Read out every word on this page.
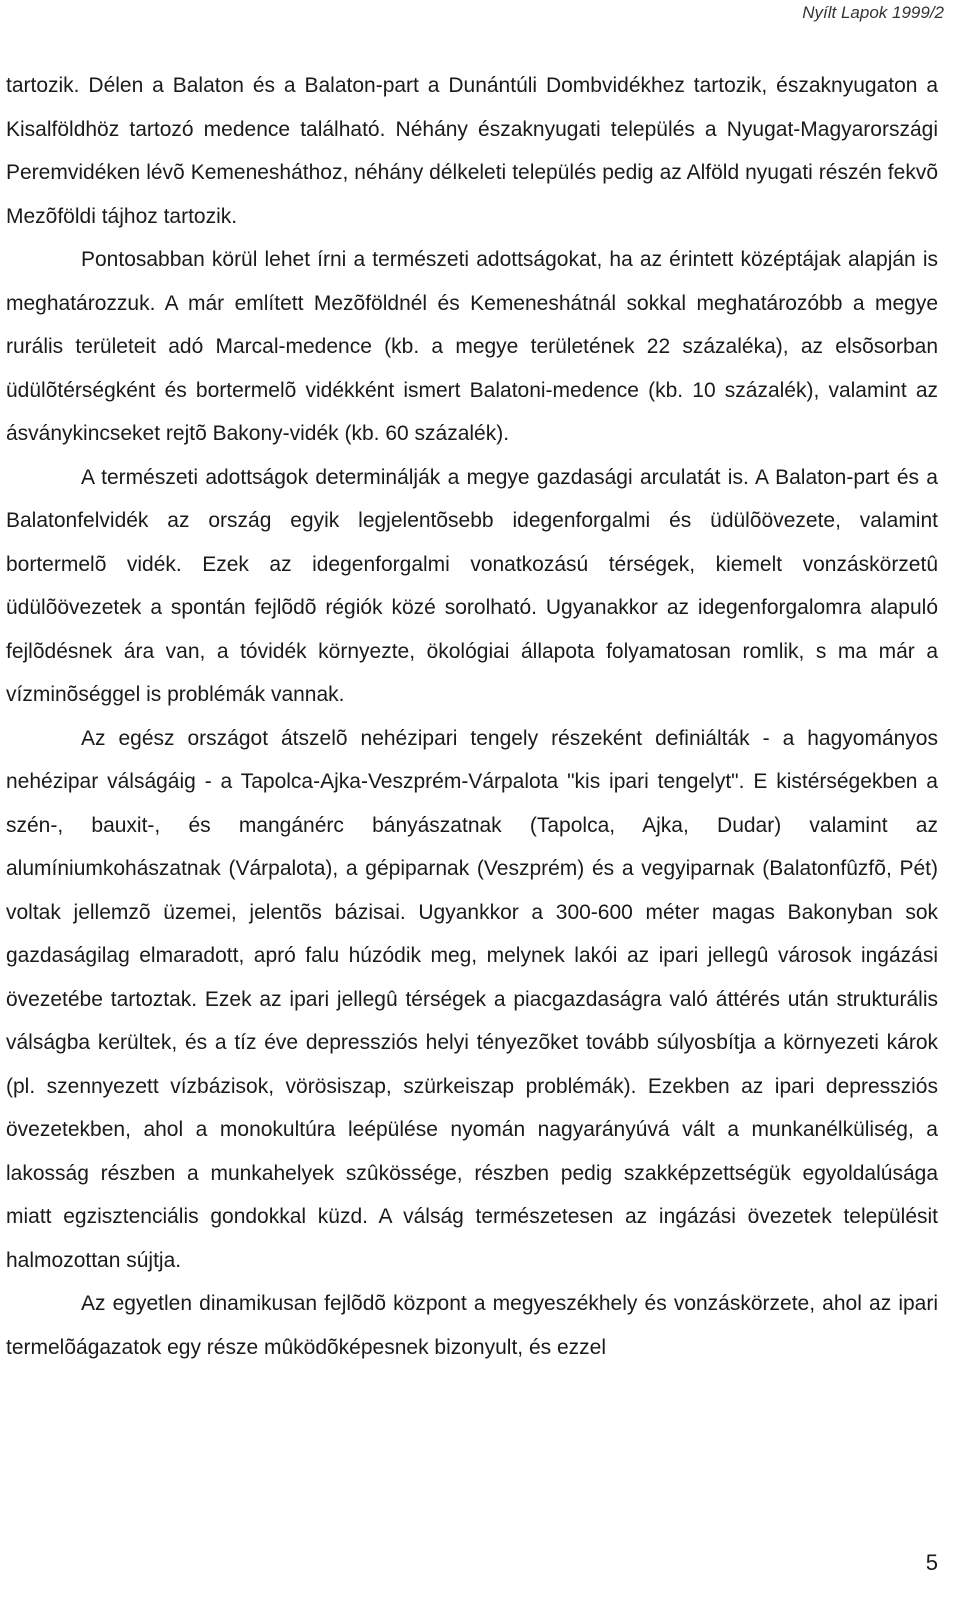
Nyílt Lapok 1999/2

tartozik. Délen a Balaton és a Balaton-part a Dunántúli Dombvidékhez tartozik, északnyugaton a Kisalföldhöz tartozó medence található. Néhány északnyugati település a Nyugat-Magyarországi Peremvidéken lévõ Kemenesháthoz, néhány délkeleti település pedig az Alföld nyugati részén fekvõ Mezõföldi tájhoz tartozik.

Pontosabban körül lehet írni a természeti adottságokat, ha az érintett középtájak alapján is meghatározzuk. A már említett Mezõföldnél és Kemeneshátnál sokkal meghatározóbb a megye rurális területeit adó Marcal-medence (kb. a megye területének 22 százaléka), az elsõsorban üdülõtérségként és bortermelõ vidékként ismert Balatoni-medence (kb. 10 százalék), valamint az ásványkincseket rejtõ Bakony-vidék (kb. 60 százalék).

A természeti adottságok determinálják a megye gazdasági arculatát is. A Balaton-part és a Balatonfelvidék az ország egyik legjelentõsebb idegenforgalmi és üdülõövezete, valamint bortermelõ vidék. Ezek az idegenforgalmi vonatkozású térségek, kiemelt vonzáskörzetû üdülõövezetek a spontán fejlõdõ régiók közé sorolható. Ugyanakkor az idegenforgalomra alapuló fejlõdésnek ára van, a tóvidék környezte, ökológiai állapota folyamatosan romlik, s ma már a vízminõséggel is problémák vannak.

Az egész országot átszelõ nehézipari tengely részeként definiálták - a hagyományos nehézipar válságáig - a Tapolca-Ajka-Veszprém-Várpalota "kis ipari tengelyt". E kistérségekben a szén-, bauxit-, és mangánérc bányászatnak (Tapolca, Ajka, Dudar) valamint az alumíniumkohászatnak (Várpalota), a gépiparnak (Veszprém) és a vegyiparnak (Balatonfûzfõ, Pét) voltak jellemzõ üzemei, jelentõs bázisai. Ugyankkor a 300-600 méter magas Bakonyban sok gazdaságilag elmaradott, apró falu húzódik meg, melynek lakói az ipari jellegû városok ingázási övezetébe tartoztak. Ezek az ipari jellegû térségek a piacgazdaságra való áttérés után strukturális válságba kerültek, és a tíz éve depressziós helyi tényezõket tovább súlyosbítja a környezeti károk (pl. szennyezett vízbázisok, vörösiszap, szürkeiszap problémák). Ezekben az ipari depressziós övezetekben, ahol a monokultúra leépülése nyomán nagyarányúvá vált a munkanélküliség, a lakosság részben a munkahelyek szûkössége, részben pedig szakképzettségük egyoldalúsága miatt egzisztenciális gondokkal küzd. A válság természetesen az ingázási övezetek településit halmozottan sújtja.

Az egyetlen dinamikusan fejlõdõ központ a megyeszékhely és vonzáskörzete, ahol az ipari termelõágazatok egy része mûködõképesnek bizonyult, és ezzel

5
